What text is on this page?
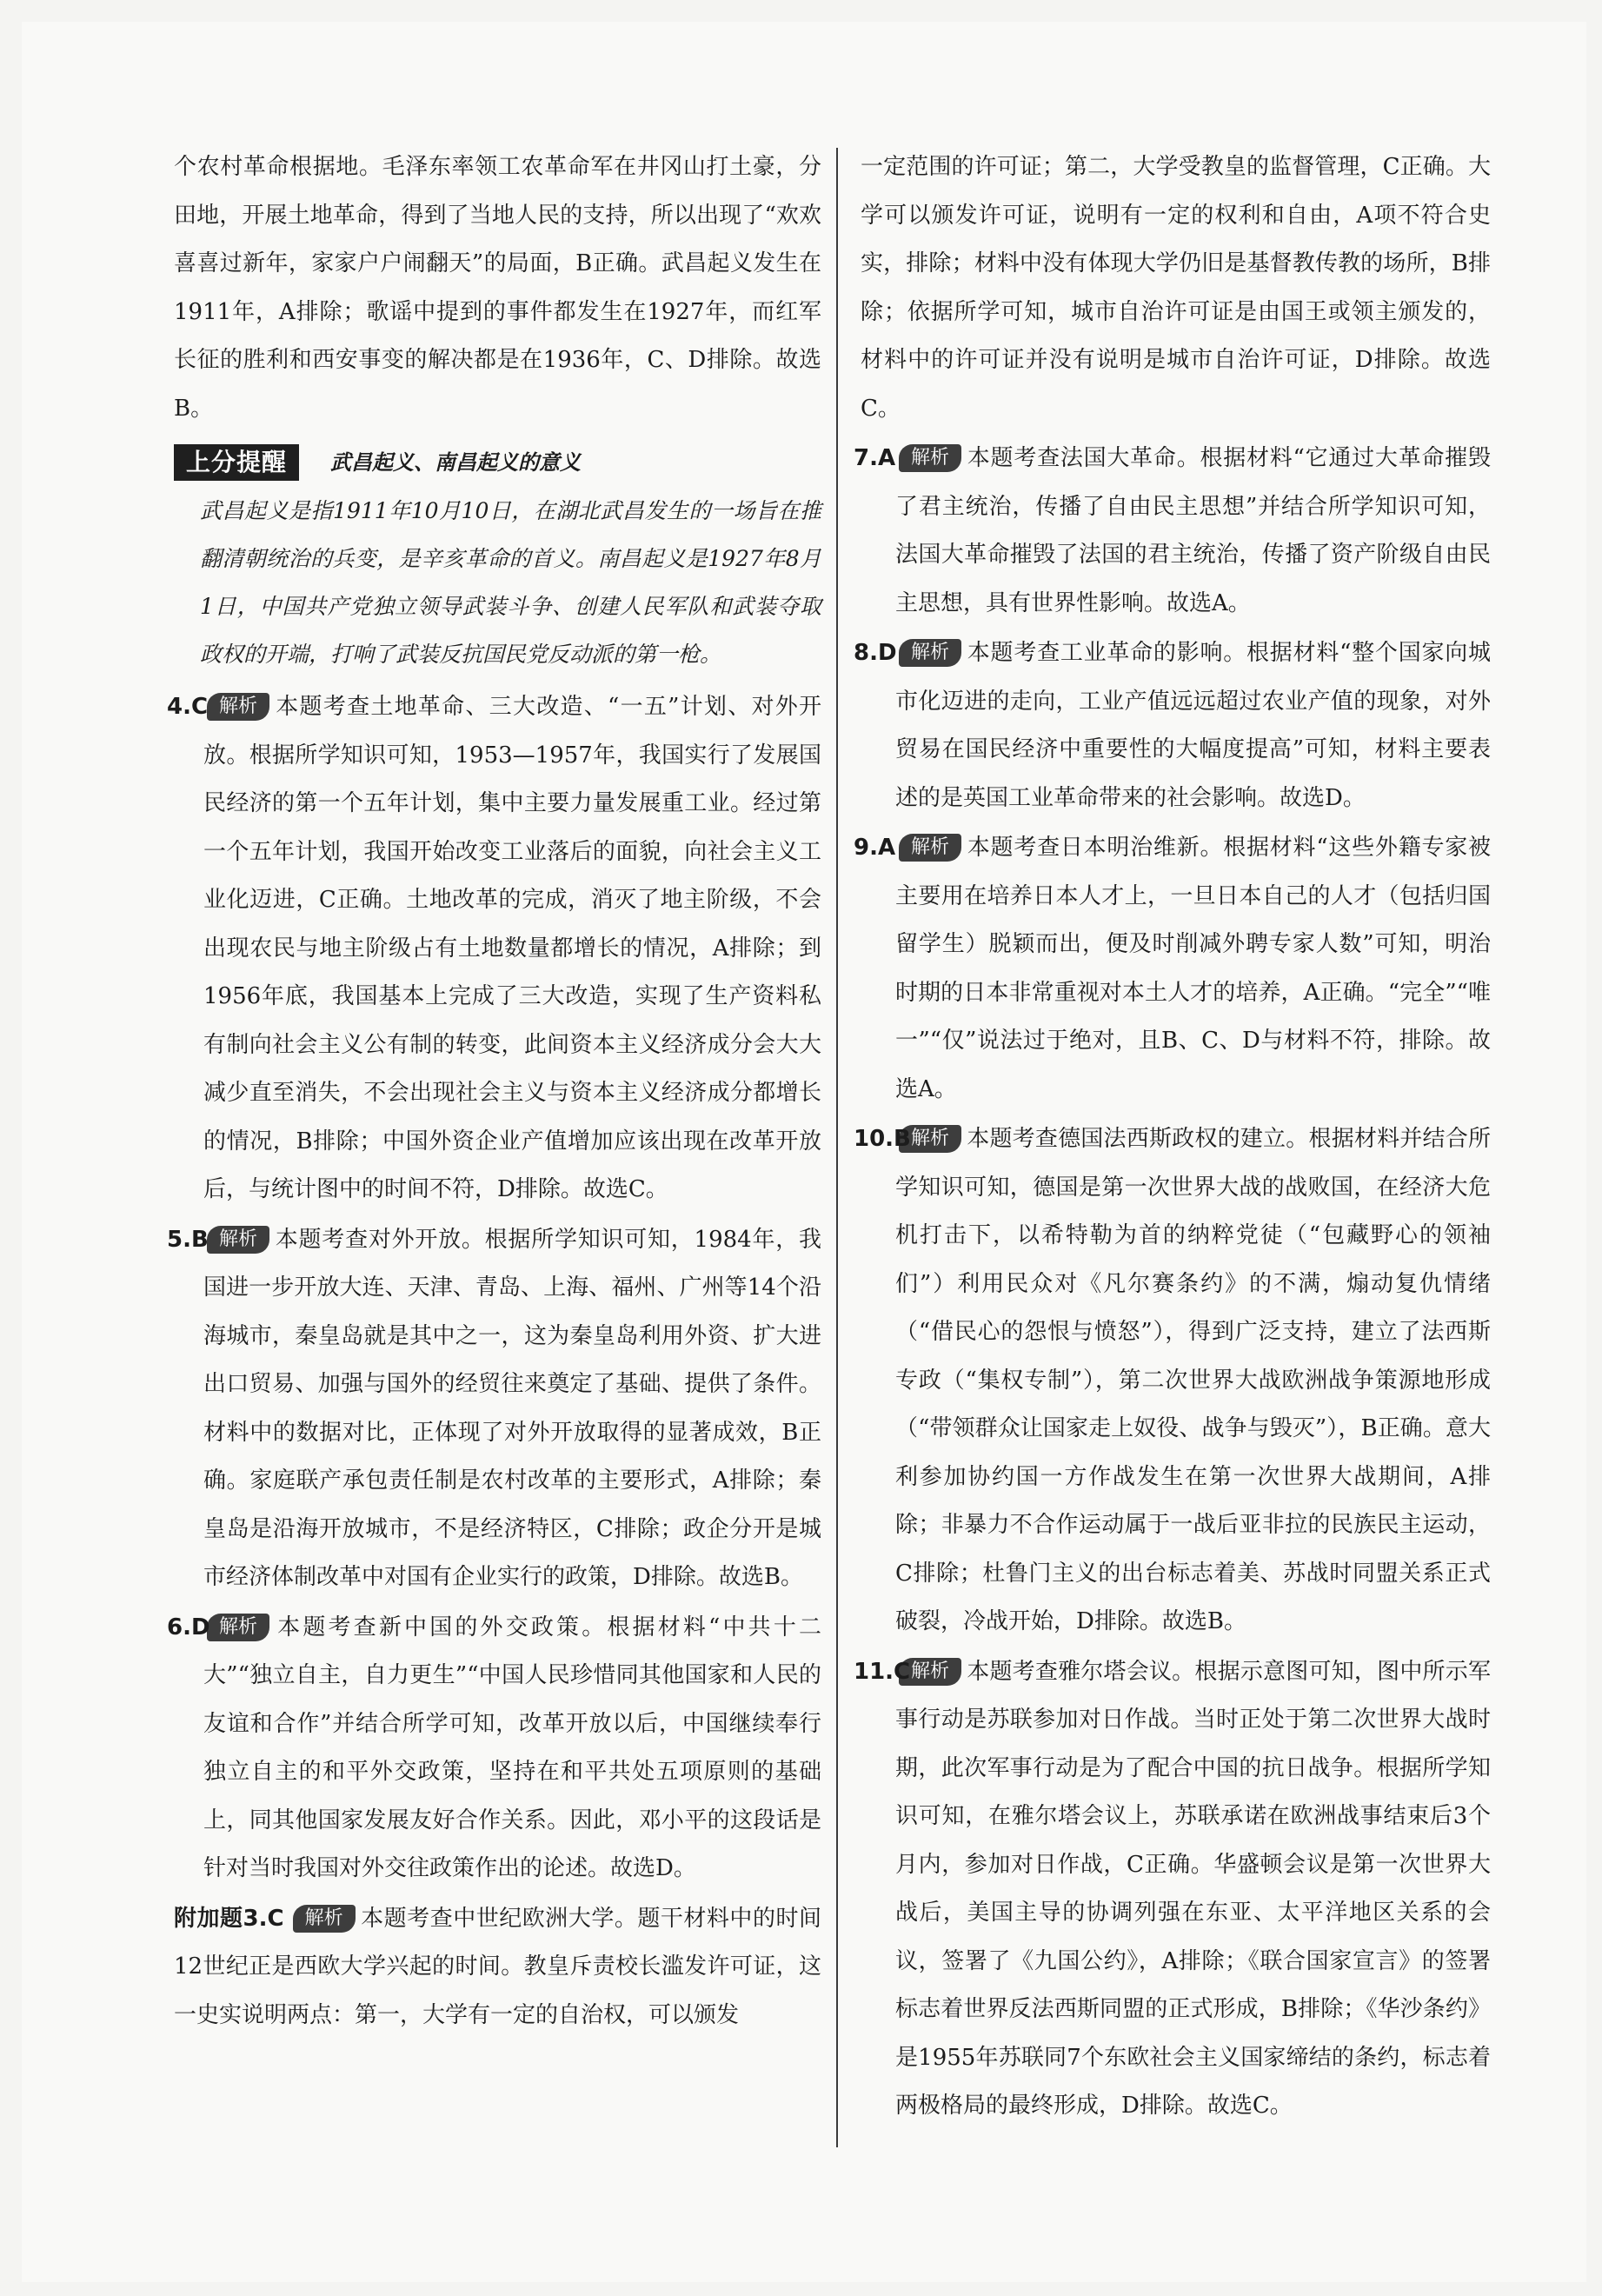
个农村革命根据地。毛泽东率领工农革命军在井冈山打土豪，分田地，开展土地革命，得到了当地人民的支持，所以出现了“欢欢喜喜过新年，家家户户闹翻天”的局面，B正确。武昌起义发生在1911年，A排除；歌谣中提到的事件都发生在1927年，而红军长征的胜利和西安事变的解决都是在1936年，C、D排除。故选B。

上分提醒	武昌起义、南昌起义的意义

武昌起义是指1911年10月10日，在湖北武昌发生的一场旨在推翻清朝统治的兵变，是辛亥革命的首义。南昌起义是1927年8月1日，中国共产党独立领导武装斗争、创建人民军队和武装夺取政权的开端，打响了武装反抗国民党反动派的第一枪。

4.C 解析 本题考查土地革命、三大改造、“一五”计划、对外开放。根据所学知识可知，1953—1957年，我国实行了发展国民经济的第一个五年计划，集中主要力量发展重工业。经过第一个五年计划，我国开始改变工业落后的面貌，向社会主义工业化迈进，C正确。土地改革的完成，消灭了地主阶级，不会出现农民与地主阶级占有土地数量都增长的情况，A排除；到1956年底，我国基本上完成了三大改造，实现了生产资料私有制向社会主义公有制的转变，此间资本主义经济成分会大大减少直至消失，不会出现社会主义与资本主义经济成分都增长的情况，B排除；中国外资企业产值增加应该出现在改革开放后，与统计图中的时间不符，D排除。故选C。

5.B 解析 本题考查对外开放。根据所学知识可知，1984年，我国进一步开放大连、天津、青岛、上海、福州、广州等14个沿海城市，秦皇岛就是其中之一，这为秦皇岛利用外资、扩大进出口贸易、加强与国外的经贸往来奠定了基础、提供了条件。材料中的数据对比，正体现了对外开放取得的显著成效，B正确。家庭联产承包责任制是农村改革的主要形式，A排除；秦皇岛是沿海开放城市，不是经济特区，C排除；政企分开是城市经济体制改革中对国有企业实行的政策，D排除。故选B。

6.D 解析 本题考查新中国的外交政策。根据材料“中共十二大”“独立自主，自力更生”“中国人民珍惜同其他国家和人民的友谊和合作”并结合所学可知，改革开放以后，中国继续奉行独立自主的和平外交政策，坚持在和平共处五项原则的基础上，同其他国家发展友好合作关系。因此，邓小平的这段话是针对当时我国对外交往政策作出的论述。故选D。

附加题3.C 解析 本题考查中世纪欧洲大学。题干材料中的时间12世纪正是西欧大学兴起的时间。教皇斥责校长滥发许可证，这一史实说明两点：第一，大学有一定的自治权，可以颁发

一定范围的许可证；第二，大学受教皇的监督管理，C正确。大学可以颁发许可证，说明有一定的权利和自由，A项不符合史实，排除；材料中没有体现大学仍旧是基督教传教的场所，B排除；依据所学可知，城市自治许可证是由国王或领主颁发的，材料中的许可证并没有说明是城市自治许可证，D排除。故选C。

7.A 解析 本题考查法国大革命。根据材料“它通过大革命摧毁了君主统治，传播了自由民主思想”并结合所学知识可知，法国大革命摧毁了法国的君主统治，传播了资产阶级自由民主思想，具有世界性影响。故选A。

8.D 解析 本题考查工业革命的影响。根据材料“整个国家向城市化迈进的走向，工业产值远远超过农业产值的现象，对外贸易在国民经济中重要性的大幅度提高”可知，材料主要表述的是英国工业革命带来的社会影响。故选D。

9.A 解析 本题考查日本明治维新。根据材料“这些外籍专家被主要用在培养日本人才上，一旦日本自己的人才（包括归国留学生）脱颖而出，便及时削减外聘专家人数”可知，明治时期的日本非常重视对本土人才的培养，A正确。“完全”“唯一”“仅”说法过于绝对，且B、C、D与材料不符，排除。故选A。

10.B 解析 本题考查德国法西斯政权的建立。根据材料并结合所学知识可知，德国是第一次世界大战的战败国，在经济大危机打击下，以希特勒为首的纳粹党徒（“包藏野心的领袖们”）利用民众对《凡尔赛条约》的不满，煽动复仇情绪（“借民心的怨恨与愤怒”），得到广泛支持，建立了法西斯专政（“集权专制”），第二次世界大战欧洲战争策源地形成（“带领群众让国家走上奴役、战争与毁灭”），B正确。意大利参加协约国一方作战发生在第一次世界大战期间，A排除；非暴力不合作运动属于一战后亚非拉的民族民主运动，C排除；杜鲁门主义的出台标志着美、苏战时同盟关系正式破裂，冷战开始，D排除。故选B。

11.C 解析 本题考查雅尔塔会议。根据示意图可知，图中所示军事行动是苏联参加对日作战。当时正处于第二次世界大战时期，此次军事行动是为了配合中国的抗日战争。根据所学知识可知，在雅尔塔会议上，苏联承诺在欧洲战事结束后3个月内，参加对日作战，C正确。华盛顿会议是第一次世界大战后，美国主导的协调列强在东亚、太平洋地区关系的会议，签署了《九国公约》，A排除；《联合国家宣言》的签署标志着世界反法西斯同盟的正式形成，B排除；《华沙条约》是1955年苏联同7个东欧社会主义国家缔结的条约，标志着两极格局的最终形成，D排除。故选C。
